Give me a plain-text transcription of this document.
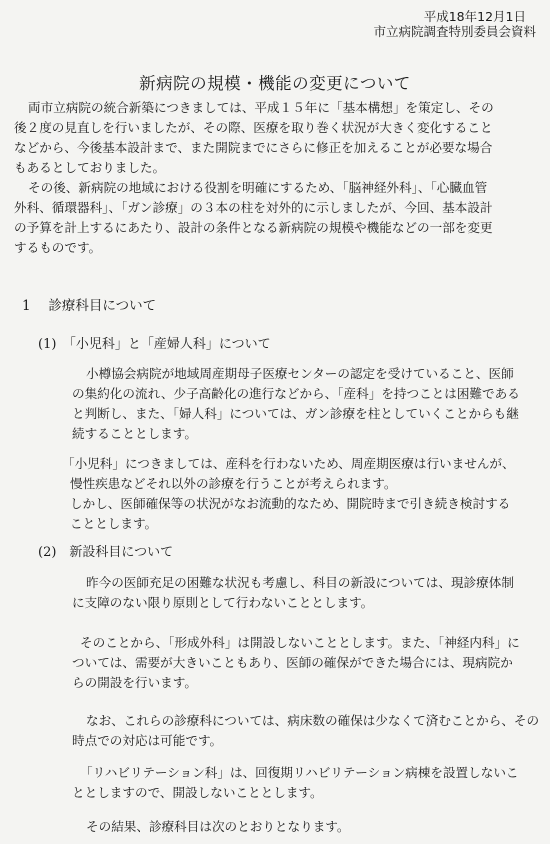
平成18年12月1日

市立病院調査特別委員会資料

新病院の規模・機能の変更について

両市立病院の統合新築につきましては、平成１５年に「基本構想」を策定し、その
後２度の見直しを行いましたが、その際、医療を取り巻く状況が大きく変化すること
などから、今後基本設計まで、また開院までにさらに修正を加えることが必要な場合
もあるとしておりました。
その後、新病院の地域における役割を明確にするため、「脳神経外科」、「心臓血管
外科、循環器科」、「ガン診療」の３本の柱を対外的に示しましたが、今回、基本設計
の予算を計上するにあたり、設計の条件となる新病院の規模や機能などの一部を変更
するものです。

1　 診療科目について

(1)　「小児科」と「産婦人科」について

小樽協会病院が地域周産期母子医療センターの認定を受けていること、医師
の集約化の流れ、少子高齢化の進行などから、「産科」を持つことは困難である
と判断し、また、「婦人科」については、ガン診療を柱としていくことからも継
続することとします。
「小児科」につきましては、産科を行わないため、周産期医療は行いませんが、
慢性疾患などそれ以外の診療を行うことが考えられます。
しかし、医師確保等の状況がなお流動的なため、開院時まで引き続き検討する
こととします。

(2)　新設科目について

昨今の医師充足の困難な状況も考慮し、科目の新設については、現診療体制
に支障のない限り原則として行わないこととします。
そのことから、「形成外科」は開設しないこととします。また、「神経内科」に
ついては、需要が大きいこともあり、医師の確保ができた場合には、現病院か
らの開設を行います。
なお、これらの診療科については、病床数の確保は少なくて済むことから、その
時点での対応は可能です。
「リハビリテーション科」は、回復期リハビリテーション病棟を設置しないこ
ととしますので、開設しないこととします。
その結果、診療科目は次のとおりとなります。
